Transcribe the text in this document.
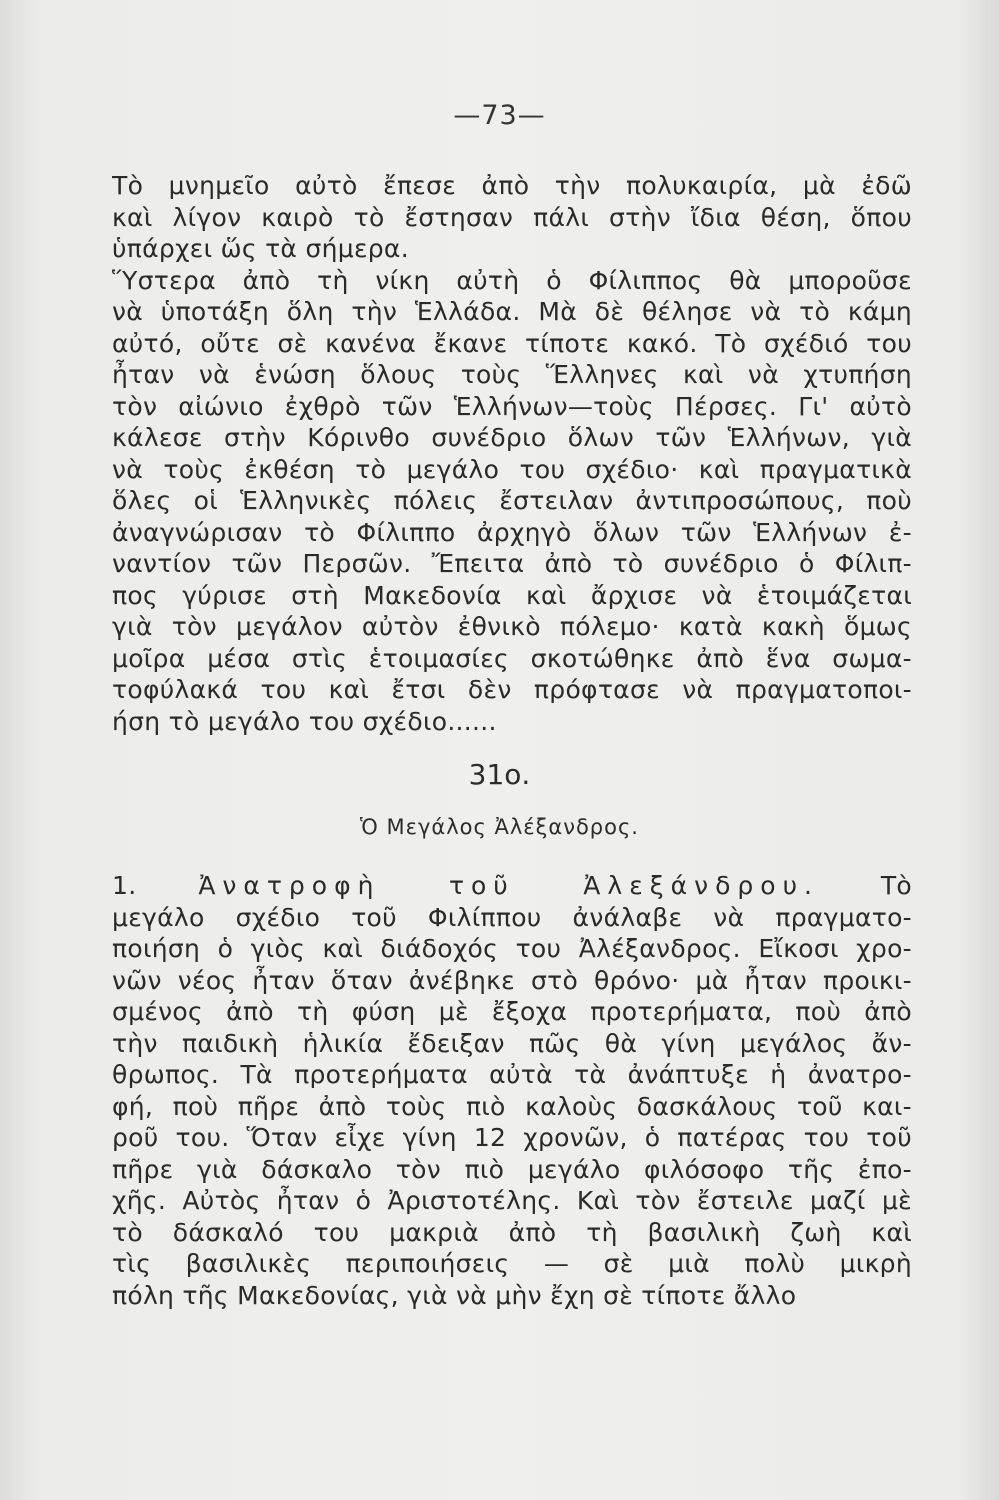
—73—
Τὸ μνημεῖο αὐτὸ ἔπεσε ἀπὸ τὴν πολυκαιρία, μὰ ἐδῶ
καὶ λίγον καιρὸ τὸ ἔστησαν πάλι στὴν ἴδια θέση, ὅπου
ὑπάρχει ὥς τὰ σήμερα.
Ὕστερα ἀπὸ τὴ νίκη αὐτὴ ὁ Φίλιππος θὰ μποροῦσε
νὰ ὑποτάξη ὅλη τὴν Ἑλλάδα. Μὰ δὲ θέλησε νὰ τὸ κάμη
αὐτό, οὔτε σὲ κανένα ἔκανε τίποτε κακό. Τὸ σχέδιό του
ἦταν νὰ ἑνώση ὅλους τοὺς Ἕλληνες καὶ νὰ χτυπήση
τὸν αἰώνιο ἐχθρὸ τῶν Ἑλλήνων—τοὺς Πέρσες. Γι' αὐτὸ
κάλεσε στὴν Κόρινθο συνέδριο ὅλων τῶν Ἑλλήνων, γιὰ
νὰ τοὺς ἐκθέση τὸ μεγάλο του σχέδιο· καὶ πραγματικὰ
ὅλες οἱ Ἑλληνικὲς πόλεις ἔστειλαν ἀντιπροσώπους, ποὺ
ἀναγνώρισαν τὸ Φίλιππο ἀρχηγὸ ὅλων τῶν Ἑλλήνων ἐ-
ναντίον τῶν Περσῶν. Ἔπειτα ἀπὸ τὸ συνέδριο ὁ Φίλιπ-
πος γύρισε στὴ Μακεδονία καὶ ἄρχισε νὰ ἑτοιμάζεται
γιὰ τὸν μεγάλον αὐτὸν ἐθνικὸ πόλεμο· κατὰ κακὴ ὅμως
μοῖρα μέσα στὶς ἑτοιμασίες σκοτώθηκε ἀπὸ ἕνα σωμα-
τοφύλακά του καὶ ἔτσι δὲν πρόφτασε νὰ πραγματοποι-
ήση τὸ μεγάλο του σχέδιο......
31ο.
Ὁ Μεγάλος Ἀλέξανδρος.
1. Ἀνατροφὴ τοῦ Ἀλεξάνδρου. Τὸ
μεγάλο σχέδιο τοῦ Φιλίππου ἀνάλαβε νὰ πραγματο-
ποιήση ὁ γιὸς καὶ διάδοχός του Ἀλέξανδρος. Εἴκοσι χρο-
νῶν νέος ἦταν ὅταν ἀνέβηκε στὸ θρόνο· μὰ ἦταν προικι-
σμένος ἀπὸ τὴ φύση μὲ ἔξοχα προτερήματα, ποὺ ἀπὸ
τὴν παιδικὴ ἡλικία ἔδειξαν πῶς θὰ γίνη μεγάλος ἄν-
θρωπος. Τὰ προτερήματα αὐτὰ τὰ ἀνάπτυξε ἡ ἀνατρο-
φή, ποὺ πῆρε ἀπὸ τοὺς πιὸ καλοὺς δασκάλους τοῦ και-
ροῦ του. Ὅταν εἶχε γίνη 12 χρονῶν, ὁ πατέρας του τοῦ
πῆρε γιὰ δάσκαλο τὸν πιὸ μεγάλο φιλόσοφο τῆς ἐπο-
χῆς. Αὐτὸς ἦταν ὁ Ἀριστοτέλης. Καὶ τὸν ἔστειλε μαζί μὲ
τὸ δάσκαλό του μακριὰ ἀπὸ τὴ βασιλικὴ ζωὴ καὶ
τὶς βασιλικὲς περιποιήσεις — σὲ μιὰ πολὺ μικρὴ
πόλη τῆς Μακεδονίας, γιὰ νὰ μὴν ἔχη σὲ τίποτε ἄλλο
